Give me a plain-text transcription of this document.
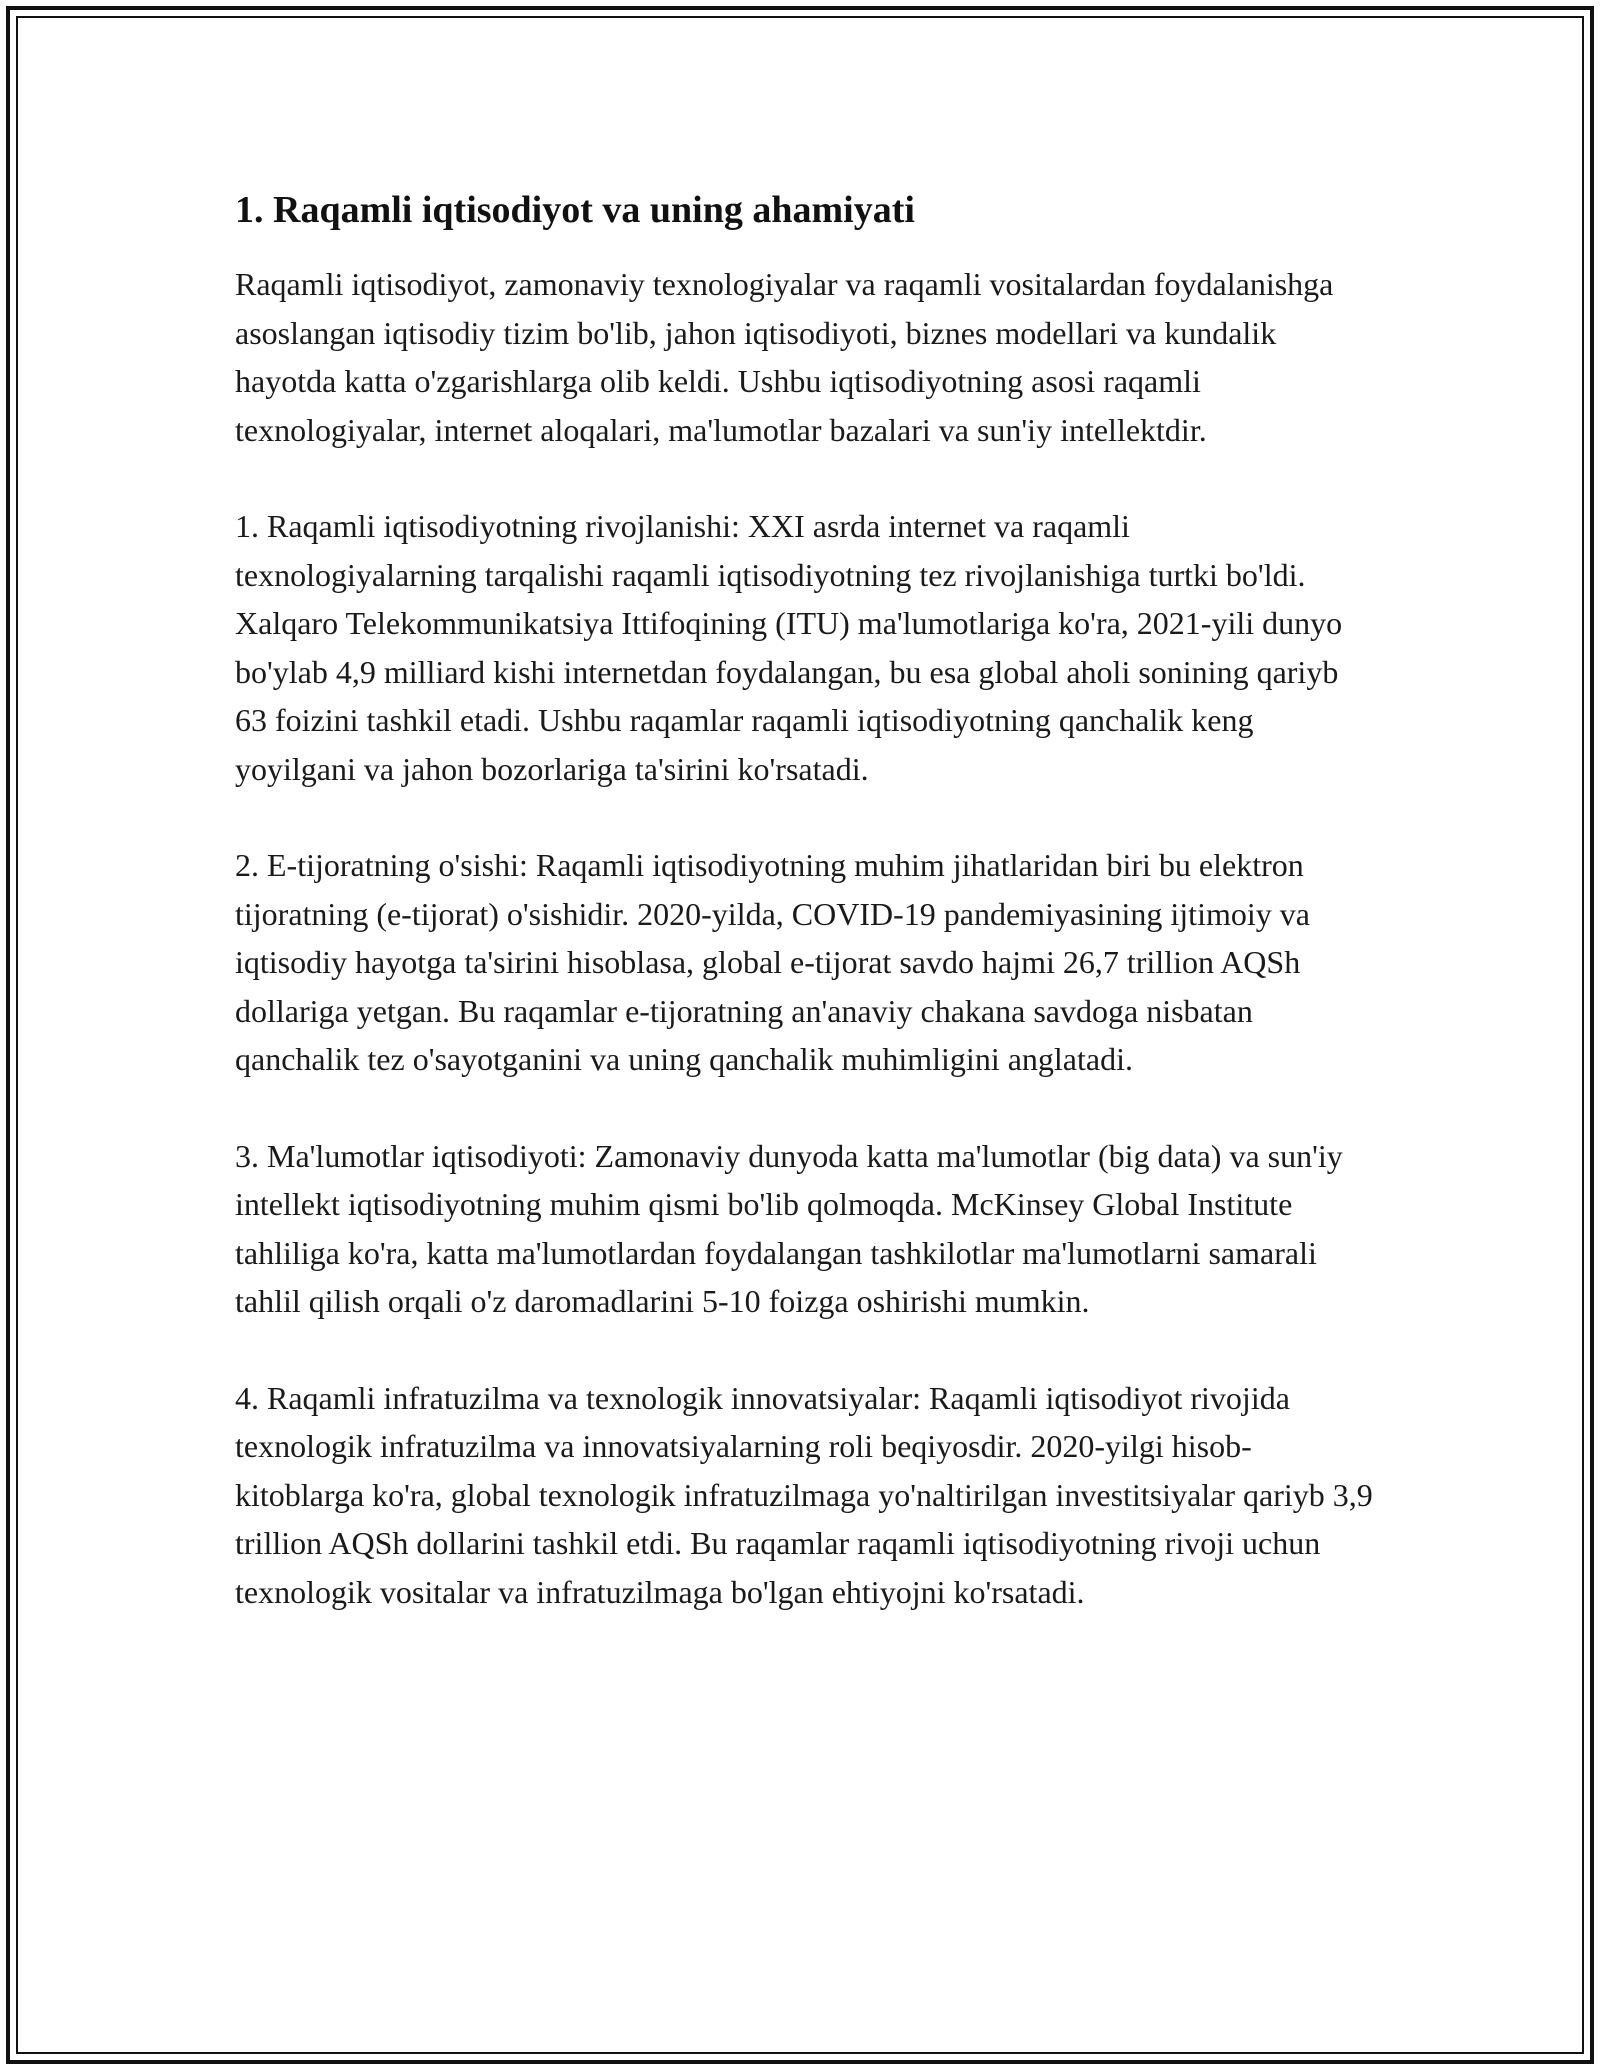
1. Raqamli iqtisodiyot va uning ahamiyati

Raqamli iqtisodiyot, zamonaviy texnologiyalar va raqamli vositalardan foydalanishga asoslangan iqtisodiy tizim bo'lib, jahon iqtisodiyoti, biznes modellari va kundalik hayotda katta o'zgarishlarga olib keldi. Ushbu iqtisodiyotning asosi raqamli texnologiyalar, internet aloqalari, ma'lumotlar bazalari va sun'iy intellektdir.

1. Raqamli iqtisodiyotning rivojlanishi: XXI asrda internet va raqamli texnologiyalarning tarqalishi raqamli iqtisodiyotning tez rivojlanishiga turtki bo'ldi. Xalqaro Telekommunikatsiya Ittifoqining (ITU) ma'lumotlariga ko'ra, 2021-yili dunyo bo'ylab 4,9 milliard kishi internetdan foydalangan, bu esa global aholi sonining qariyb 63 foizini tashkil etadi. Ushbu raqamlar raqamli iqtisodiyotning qanchalik keng yoyilgani va jahon bozorlariga ta'sirini ko'rsatadi.

2. E-tijoratning o'sishi: Raqamli iqtisodiyotning muhim jihatlaridan biri bu elektron tijoratning (e-tijorat) o'sishidir. 2020-yilda, COVID-19 pandemiyasining ijtimoiy va iqtisodiy hayotga ta'sirini hisoblasa, global e-tijorat savdo hajmi 26,7 trillion AQSh dollariga yetgan. Bu raqamlar e-tijoratning an'anaviy chakana savdoga nisbatan qanchalik tez o'sayotganini va uning qanchalik muhimligini anglatadi.

3. Ma'lumotlar iqtisodiyoti: Zamonaviy dunyoda katta ma'lumotlar (big data) va sun'iy intellekt iqtisodiyotning muhim qismi bo'lib qolmoqda. McKinsey Global Institute tahliliga ko'ra, katta ma'lumotlardan foydalangan tashkilotlar ma'lumotlarni samarali tahlil qilish orqali o'z daromadlarini 5-10 foizga oshirishi mumkin.

4. Raqamli infratuzilma va texnologik innovatsiyalar: Raqamli iqtisodiyot rivojida texnologik infratuzilma va innovatsiyalarning roli beqiyosdir. 2020-yilgi hisob-kitoblarga ko'ra, global texnologik infratuzilmaga yo'naltirilgan investitsiyalar qariyb 3,9 trillion AQSh dollarini tashkil etdi. Bu raqamlar raqamli iqtisodiyotning rivoji uchun texnologik vositalar va infratuzilmaga bo'lgan ehtiyojni ko'rsatadi.
